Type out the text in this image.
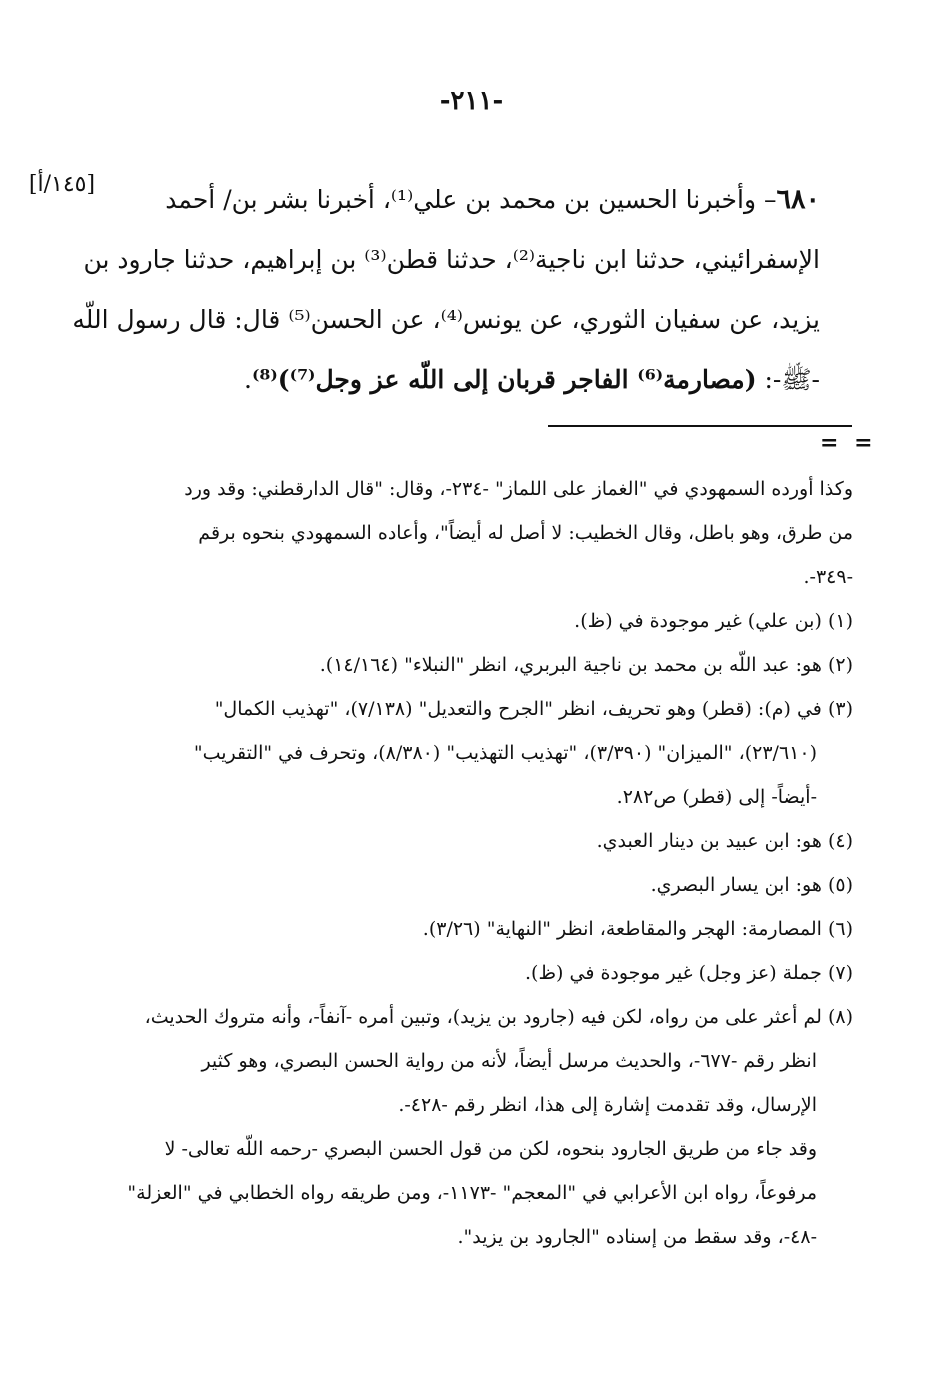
-٢١١-
[١٤٥/أ]	٦٨٠– وأخبرنا الحسين بن محمد بن علي⁽¹⁾، أخبرنا بشر بن/ أحمد
الإسفرائيني، حدثنا ابن ناجية⁽²⁾، حدثنا قطن⁽³⁾ بن إبراهيم، حدثنا جارود بن
يزيد، عن سفيان الثوري، عن يونس⁽⁴⁾، عن الحسن⁽⁵⁾ قال: قال رسول اللّه
-ﷺ-: (مصارمة⁽⁶⁾ الفاجر قربان إلى اللّه عز وجل⁽⁷⁾)⁽⁸⁾.
= =
وكذا أورده السمهودي في "الغماز على اللماز" -٢٣٤-، وقال: "قال الدارقطني: وقد ورد
من طرق، وهو باطل، وقال الخطيب: لا أصل له أيضاً"، وأعاده السمهودي بنحوه برقم
-٣٤٩-.
(١) (بن علي) غير موجودة في (ظ).
(٢) هو: عبد اللّه بن محمد بن ناجية البربري، انظر "النبلاء" (١٤/١٦٤).
(٣) في (م): (قطر) وهو تحريف، انظر "الجرح والتعديل" (٧/١٣٨)، "تهذيب الكمال"
(٢٣/٦١٠)، "الميزان" (٣/٣٩٠)، "تهذيب التهذيب" (٨/٣٨٠)، وتحرف في "التقريب"
-أيضاً- إلى (قطر) ص٢٨٢.
(٤) هو: ابن عبيد بن دينار العبدي.
(٥) هو: ابن يسار البصري.
(٦) المصارمة: الهجر والمقاطعة، انظر "النهاية" (٣/٢٦).
(٧) جملة (عز وجل) غير موجودة في (ظ).
(٨) لم أعثر على من رواه، لكن فيه (جارود بن يزيد)، وتبين أمره -آنفاً-، وأنه متروك الحديث،
انظر رقم -٦٧٧-، والحديث مرسل أيضاً، لأنه من رواية الحسن البصري، وهو كثير
الإرسال، وقد تقدمت إشارة إلى هذا، انظر رقم -٤٢٨-.
وقد جاء من طريق الجارود بنحوه، لكن من قول الحسن البصري -رحمه اللّه تعالى- لا
مرفوعاً، رواه ابن الأعرابي في "المعجم" -١١٧٣-، ومن طريقه رواه الخطابي في "العزلة"
-٤٨-، وقد سقط من إسناده "الجارود بن يزيد".
